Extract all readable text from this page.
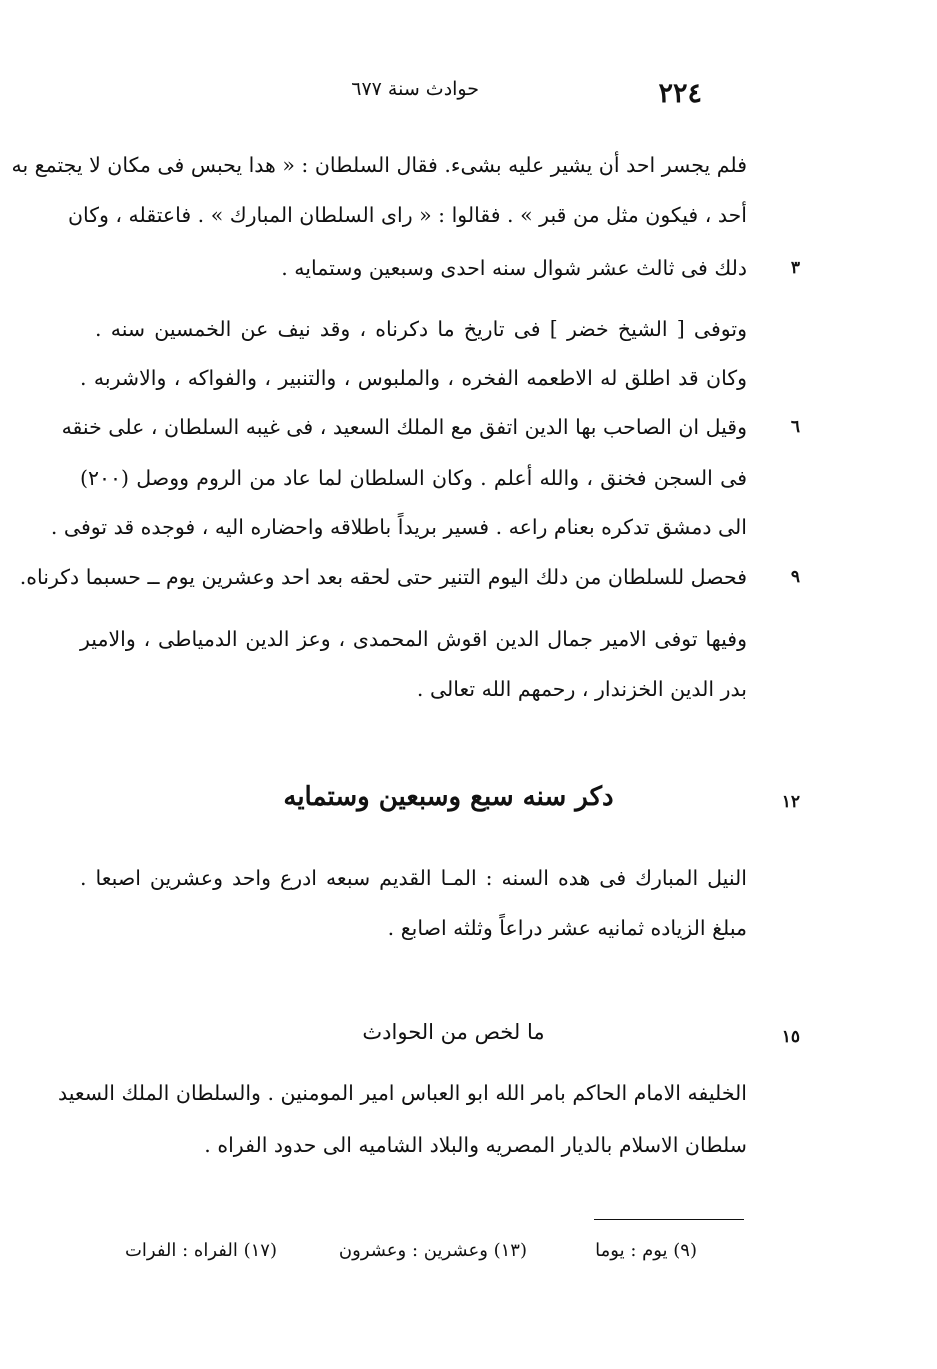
٢٢٤
حوادث سنة ٦٧٧
فلم يجسر احد أن يشير عليه بشىء. فقال السلطان : « هدا يحبس فى مكان لا يجتمع به
أحد ، فيكون مثل من قبر » . فقالوا : « راى السلطان المبارك » . فاعتقله ، وكان
دلك فى ثالث عشر شوال سنه احدى وسبعين وستمايه .	٣
وتوفى [ الشيخ خضر ] فى تاريخ ما دكرناه ، وقد نيف عن الخمسين سنه .
وكان قد اطلق له الاطعمه الفخره ، والملبوس ، والتنبير ، والفواكه ، والاشربه .
وقيل ان الصاحب بها الدين اتفق مع الملك السعيد ، فى غيبه السلطان ، على خنقه	٦
فى السجن فخنق ، والله أعلم . وكان السلطان لما عاد من الروم ووصل (٢٠٠)
الى دمشق تدكره بعنام راعه . فسير بريداً باطلاقه واحضاره اليه ، فوجده قد توفى .
فحصل للسلطان من دلك اليوم التنير حتى لحقه بعد احد وعشرين يوم ــ حسبما دكرناه.	٩
وفيها توفى الامير جمال الدين اقوش المحمدى ، وعز الدين الدمياطى ، والامير
بدر الدين الخزندار ، رحمهم الله تعالى .
دكر سنه سبع وسبعين وستمايه	١٢
النيل المبارك فى هده السنه : المـا القديم سبعه ادرع واحد وعشرين اصبعا .
مبلغ الزياده ثمانيه عشر دراعاً وثلثه اصابع .
ما لخص من الحوادث	١٥
الخليفه الامام الحاكم بامر الله ابو العباس امير المومنين . والسلطان الملك السعيد
سلطان الاسلام بالديار المصريه والبلاد الشاميه الى حدود الفراه .
(٩) يوم : يوما
(١٣) وعشرين : وعشرون
(١٧) الفراه : الفرات
